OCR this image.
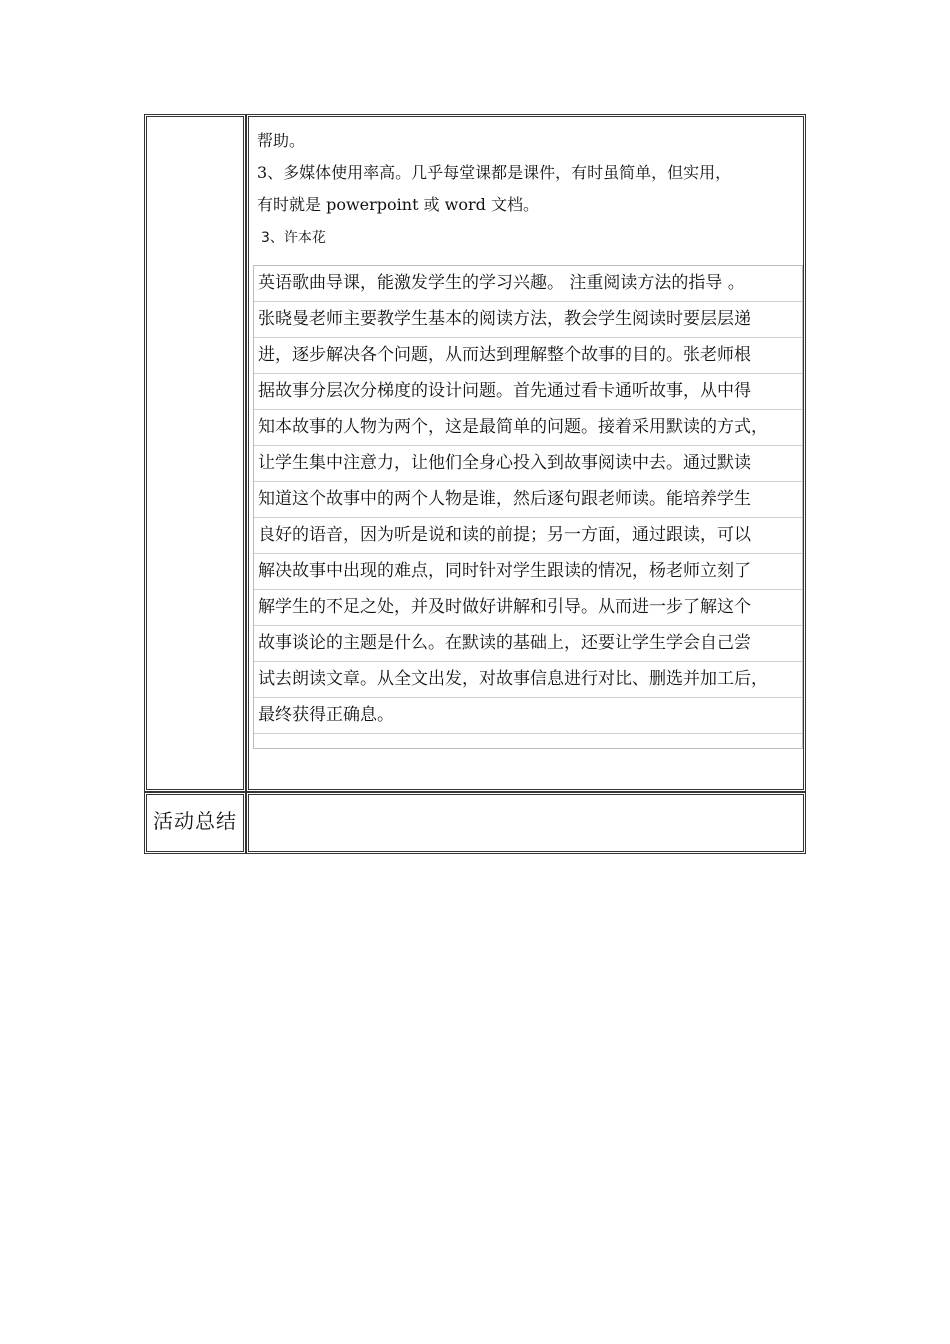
帮助。
3、多媒体使用率高。几乎每堂课都是课件，有时虽简单，但实用，
有时就是 powerpoint 或 word 文档。
3、许本花
英语歌曲导课，能激发学生的学习兴趣。 注重阅读方法的指导 。
张晓曼老师主要教学生基本的阅读方法，教会学生阅读时要层层递
进，逐步解决各个问题，从而达到理解整个故事的目的。张老师根
据故事分层次分梯度的设计问题。首先通过看卡通听故事，从中得
知本故事的人物为两个，这是最简单的问题。接着采用默读的方式，
让学生集中注意力，让他们全身心投入到故事阅读中去。通过默读
知道这个故事中的两个人物是谁，然后逐句跟老师读。能培养学生
良好的语音，因为听是说和读的前提；另一方面，通过跟读，可以
解决故事中出现的难点，同时针对学生跟读的情况，杨老师立刻了
解学生的不足之处，并及时做好讲解和引导。从而进一步了解这个
故事谈论的主题是什么。在默读的基础上，还要让学生学会自己尝
试去朗读文章。从全文出发，对故事信息进行对比、删选并加工后，
最终获得正确息。
活动总结
